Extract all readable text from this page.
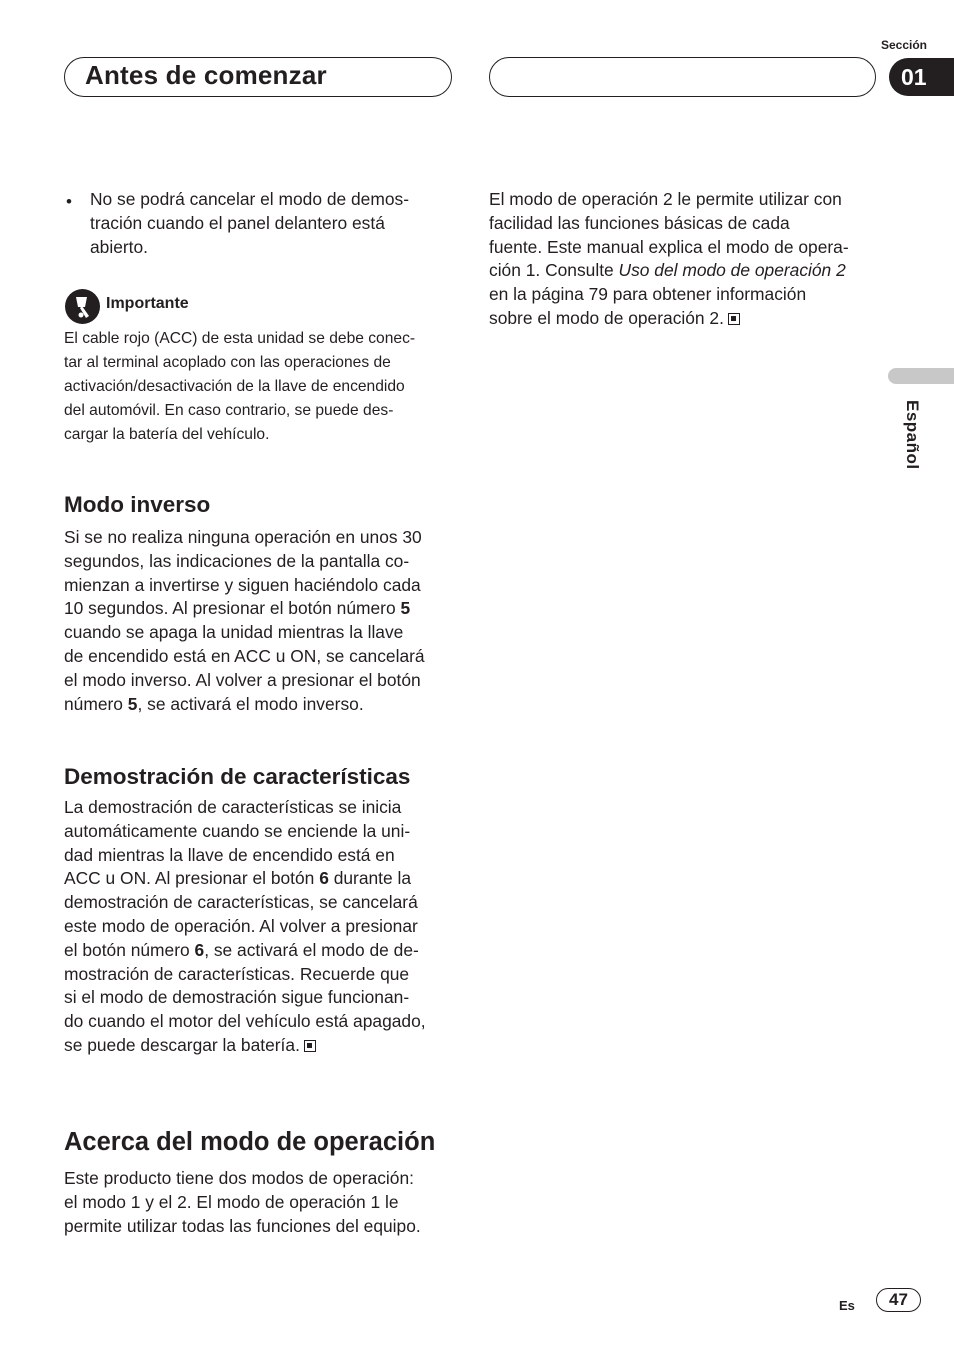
Antes de comenzar
Sección
01
• No se podrá cancelar el modo de demos-
tración cuando el panel delantero está
abierto.
Importante
El cable rojo (ACC) de esta unidad se debe conec-
tar al terminal acoplado con las operaciones de
activación/desactivación de la llave de encendido
del automóvil. En caso contrario, se puede des-
cargar la batería del vehículo.
Modo inverso
Si se no realiza ninguna operación en unos 30
segundos, las indicaciones de la pantalla co-
mienzan a invertirse y siguen haciéndolo cada
10 segundos. Al presionar el botón número 5
cuando se apaga la unidad mientras la llave
de encendido está en ACC u ON, se cancelará
el modo inverso. Al volver a presionar el botón
número 5, se activará el modo inverso.
Demostración de características
La demostración de características se inicia
automáticamente cuando se enciende la uni-
dad mientras la llave de encendido está en
ACC u ON. Al presionar el botón 6 durante la
demostración de características, se cancelará
este modo de operación. Al volver a presionar
el botón número 6, se activará el modo de de-
mostración de características. Recuerde que
si el modo de demostración sigue funcionan-
do cuando el motor del vehículo está apagado,
se puede descargar la batería.
Acerca del modo de operación
Este producto tiene dos modos de operación:
el modo 1 y el 2. El modo de operación 1 le
permite utilizar todas las funciones del equipo.
El modo de operación 2 le permite utilizar con
facilidad las funciones básicas de cada
fuente. Este manual explica el modo de opera-
ción 1. Consulte Uso del modo de operación 2
en la página 79 para obtener información
sobre el modo de operación 2.
Español
Es	47
